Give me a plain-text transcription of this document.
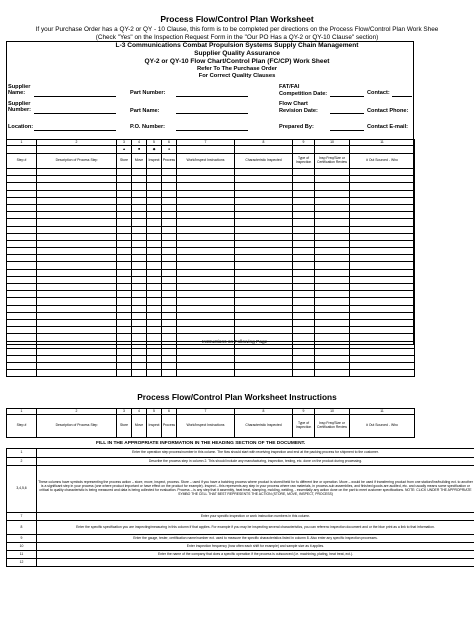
Process Flow/Control Plan Worksheet
If your Purchase Order has a QY-2 or QY - 10 Clause, this form is to be completed per directions on the Process Flow/Control Plan Work Shee
(Check "Yes" on the Inspection Request Form in the "Our PO Has a QY-2 or QY-10 Clause" section)
L-3 Communications Combat Propulsion Systems Supply Chain Management
Supplier Quality Assurance
QY-2 or QY-10 Flow Chart/Control Plan (FC/CP) Work Sheet
Refer To The Purchase Order
For Correct Quality Clauses
Supplier Name:	Part Number:
FAT/FAI
Competition Date:	Contact:
Supplier Number:	Part Name:
Flow Chart
Revision Date:	Contact Phone:
Location:	P.O. Number:	Prepared By:	Contact E-mail:
1	2	3	4	5	6	7	8	9	10	11
		▲	■	◆	●					
Step #	Description of Process Step	Store	Move	Inspect	Process	Work/Inspect Instructions	Characteristic Inspected	Type of Inspection	Insp Freq/Size or Certification Review	# Out Sourced - Who

Instructions on Following Page
Process Flow/Control Plan Worksheet Instructions
1	2	3	4	5	6	7	8	9	10	11
Step #	Description of Process Step	Store	Move	Inspect	Process	Work/Inspect Instructions	Characteristic Inspected	Type of Inspection	Insp Freq/Size or Certification Review	# Out Sourced - Who
FILL IN THE APPROPRIATE INFORMATION IN THE HEADING SECTION OF THE DOCUMENT.
1	Enter the operation step process/number in this column. The flow should start with receiving inspection and end at the packing process for shipment to the customer.
2	Describe the process step in column 2. This should include any manufacturing, inspection, testing, etc. done on the product during processing.
3,4,5,6	These columns have symbols representing the process action – store, move, inspect, process. Store – used if you have a batching process where product is stored/held for fu different line or operation. Move – would be used if transferring product from one station/line/building ect. to another is a significant step in your process (one where product important or have effect on the product for example). Inspect – this represents any step in your process where raw materials, in process-sub assemblies, and finished goods are audited, etc. and usually means some specification or critical to quality characteristic is being measured and data is being collected for evaluation. Process – is any step that it assembly, heat treat, stamping, molding, welding, - essentially any action done on the part to meet customer specifications. NOTE: CLICK UNDER THE APPROPRIATE SYMBO THE CELL THAT BEST REPRESENTS THE ACTION (STORE, MOVE, INSPECT, PROCESS)
7	Enter your specific inspection or work instruction numbers in this column.
8	Enter the specific specification you are inspecting/measuring in this column if that applies. For example if you may be inspecting several characteristics, you can referenc inspection document and or the blue print as a link to that information.
9	Enter the gauge, tester, certification name/number ect. used to measure the specific characteristics listed in column 8. Also enter any specific inspection processes.
10	Enter inspection frequency (how often each shift for example) and sample size as it applies.
11	Enter the name of the company that does a specific operation if the process is outsourced (i.e. machining, plating, heat treat, ect.).
12	
